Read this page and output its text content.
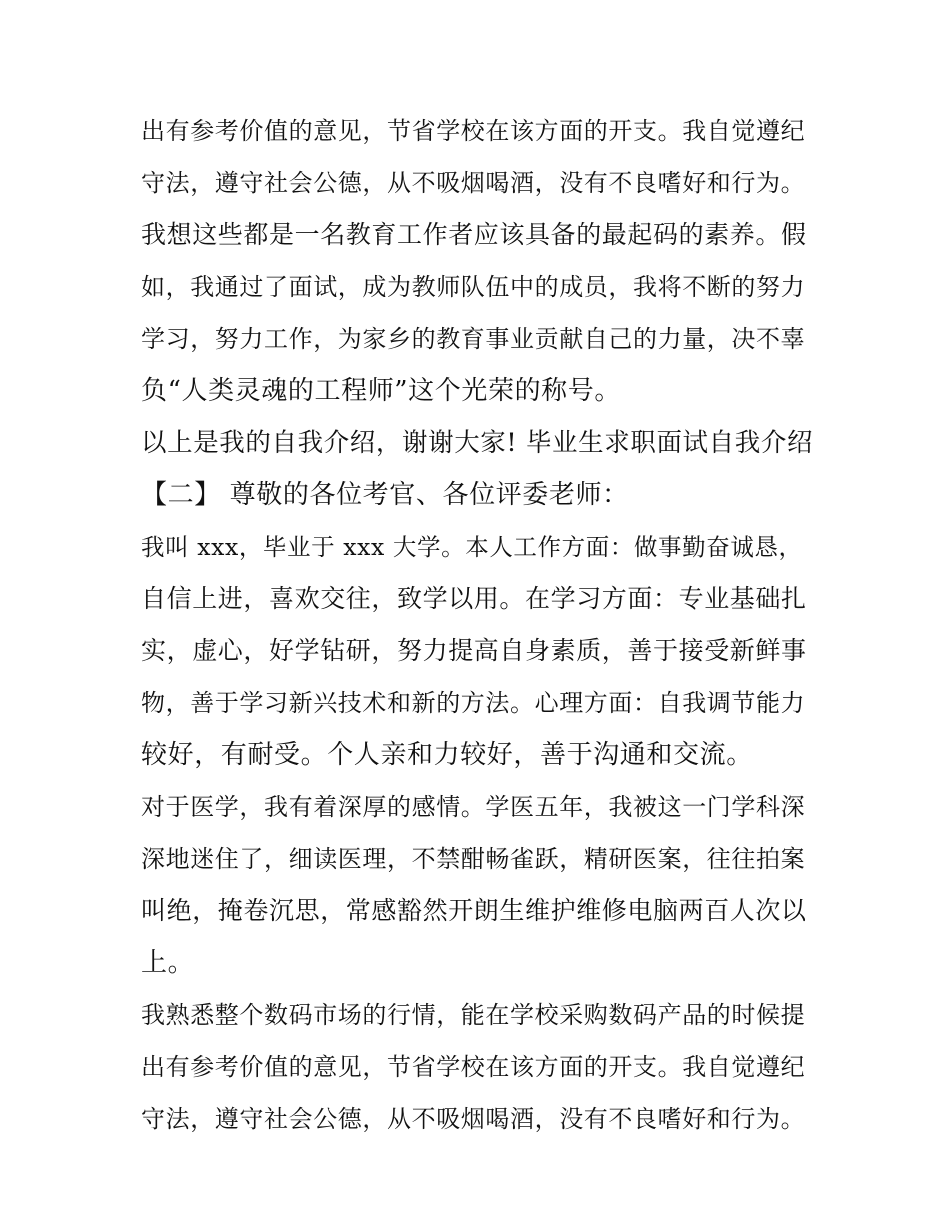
出有参考价值的意见，节省学校在该方面的开支。我自觉遵纪
守法，遵守社会公德，从不吸烟喝酒，没有不良嗜好和行为。
我想这些都是一名教育工作者应该具备的最起码的素养。假
如，我通过了面试，成为教师队伍中的成员，我将不断的努力
学习，努力工作，为家乡的教育事业贡献自己的力量，决不辜
负“人类灵魂的工程师”这个光荣的称号。
以上是我的自我介绍，谢谢大家! 毕业生求职面试自我介绍
【二】 尊敬的各位考官、各位评委老师：
我叫 xxx，毕业于 xxx 大学。本人工作方面：做事勤奋诚恳，
自信上进，喜欢交往，致学以用。在学习方面：专业基础扎
实，虚心，好学钻研，努力提高自身素质，善于接受新鲜事
物，善于学习新兴技术和新的方法。心理方面：自我调节能力
较好，有耐受。个人亲和力较好，善于沟通和交流。
对于医学，我有着深厚的感情。学医五年，我被这一门学科深
深地迷住了，细读医理，不禁酣畅雀跃，精研医案，往往拍案
叫绝，掩卷沉思，常感豁然开朗生维护维修电脑两百人次以
上。
我熟悉整个数码市场的行情，能在学校采购数码产品的时候提
出有参考价值的意见，节省学校在该方面的开支。我自觉遵纪
守法，遵守社会公德，从不吸烟喝酒，没有不良嗜好和行为。
